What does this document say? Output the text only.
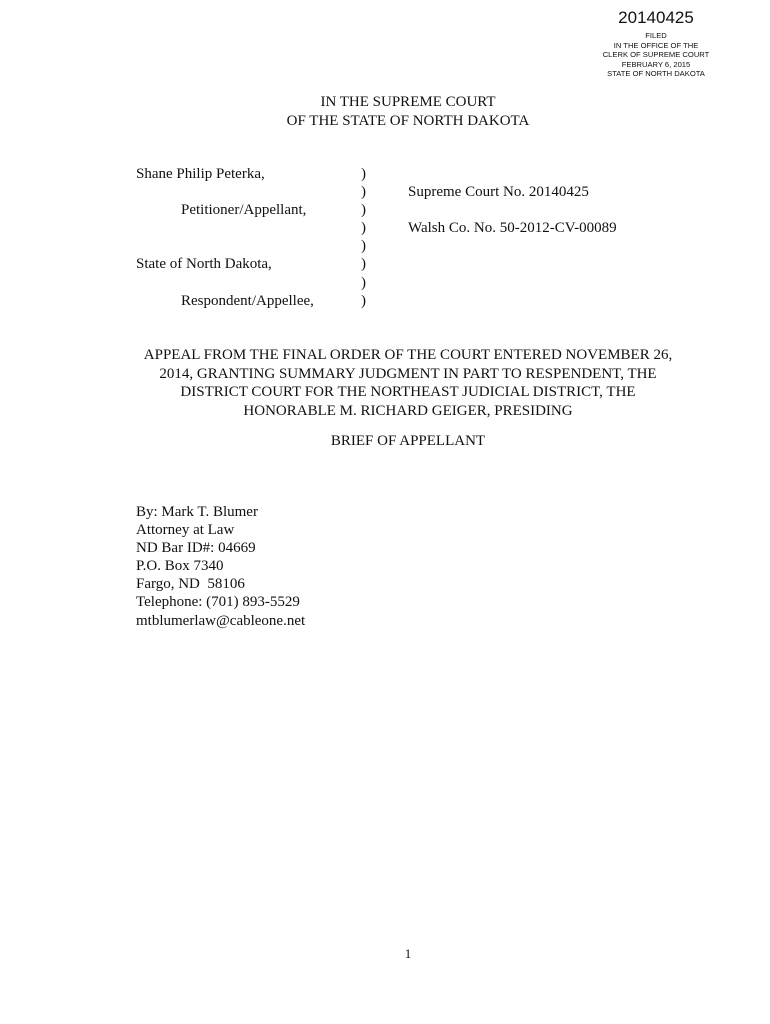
20140425
FILED
IN THE OFFICE OF THE
CLERK OF SUPREME COURT
FEBRUARY 6, 2015
STATE OF NORTH DAKOTA
IN THE SUPREME COURT
OF THE STATE OF NORTH DAKOTA
Shane Philip Peterka,	)
)	Supreme Court No. 20140425
Petitioner/Appellant,	)
)	Walsh Co. No. 50-2012-CV-00089
)
State of North Dakota,	)
)
Respondent/Appellee,	)
APPEAL FROM THE FINAL ORDER OF THE COURT ENTERED NOVEMBER 26,
2014, GRANTING SUMMARY JUDGMENT IN PART TO RESPENDENT, THE
DISTRICT COURT FOR THE NORTHEAST JUDICIAL DISTRICT, THE
HONORABLE M. RICHARD GEIGER, PRESIDING
BRIEF OF APPELLANT
By: Mark T. Blumer
Attorney at Law
ND Bar ID#: 04669
P.O. Box 7340
Fargo, ND  58106
Telephone: (701) 893-5529
mtblumerlaw@cableone.net
1
